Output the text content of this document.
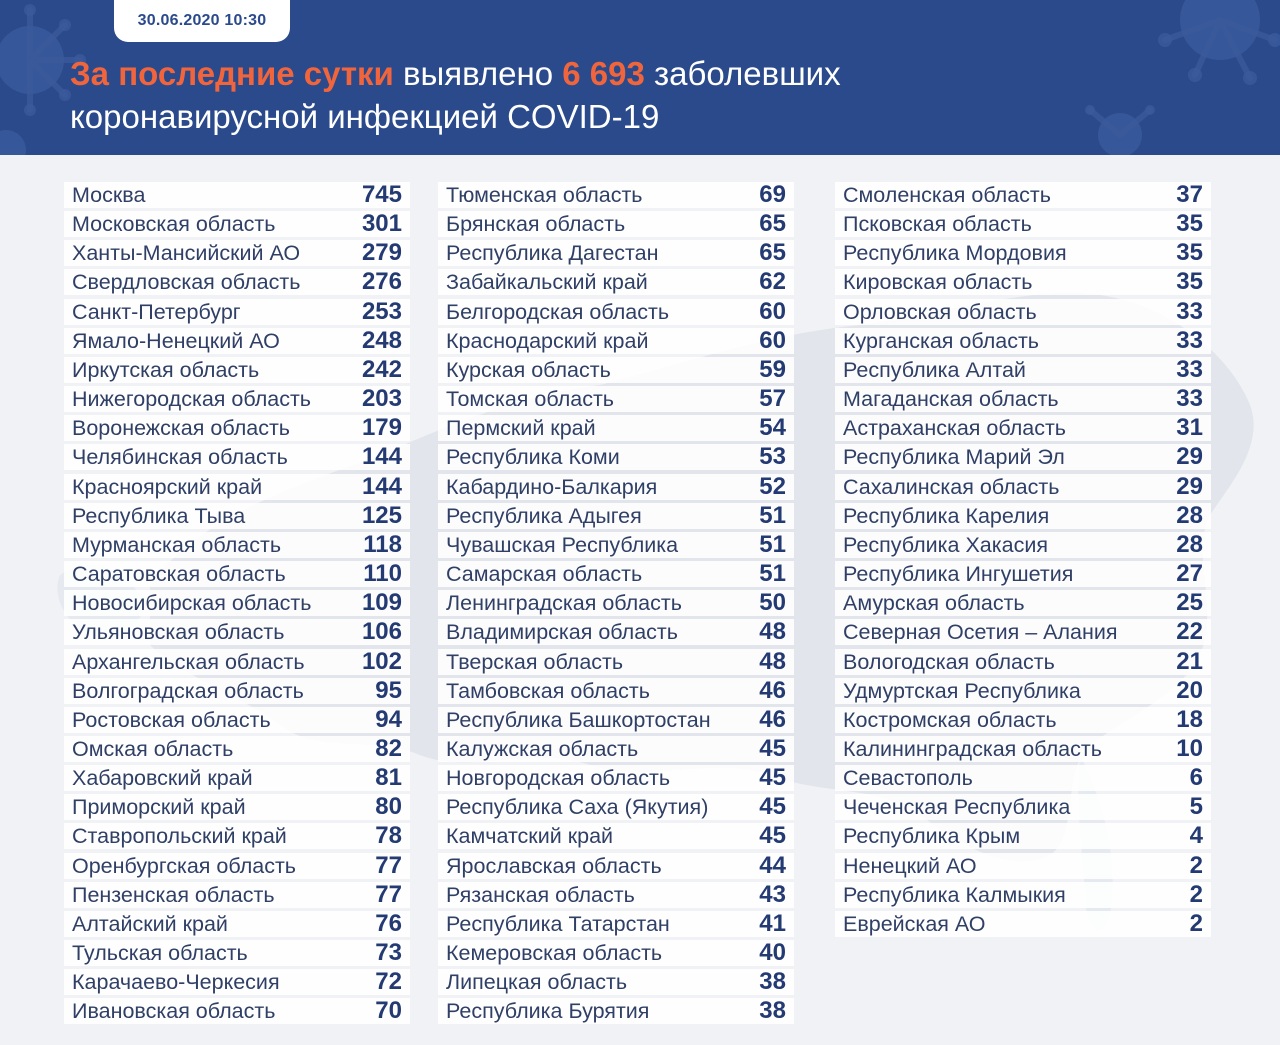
30.06.2020 10:30
За последние сутки выявлено 6 693 заболевших
коронавирусной инфекцией COVID-19
Москва	745
Московская область	301
Ханты-Мансийский АО	279
Свердловская область	276
Санкт-Петербург	253
Ямало-Ненецкий АО	248
Иркутская область	242
Нижегородская область 203
Воронежская область	179
Челябинская область	144
Красноярский край	144
Республика Тыва	125
Мурманская область	118
Саратовская область	110
Новосибирская область 109
Ульяновская область	106
Архангельская область 102
Волгоградская область	95
Ростовская область	94
Омская область	82
Хабаровский край	81
Приморский край	80
Ставропольский край	78
Оренбургская область	77
Пензенская область	77
Алтайский край	76
Тульская область	73
Карачаево-Черкесия	72
Ивановская область	70
Тюменская область	69
Брянская область	65
Республика Дагестан	65
Забайкальский край	62
Белгородская область	60
Краснодарский край	60
Курская область	59
Томская область	57
Пермский край	54
Республика Коми	53
Кабардино-Балкария	52
Республика Адыгея	51
Чувашская Республика	51
Самарская область	51
Ленинградская область	50
Владимирская область	48
Тверская область	48
Тамбовская область	46
Республика Башкортостан 46
Калужская область	45
Новгородская область	45
Республика Саха (Якутия) 45
Камчатский край	45
Ярославская область	44
Рязанская область	43
Республика Татарстан	41
Кемеровская область	40
Липецкая область	38
Республика Бурятия	38
Смоленская область	37
Псковская область	35
Республика Мордовия	35
Кировская область	35
Орловская область	33
Курганская область	33
Республика Алтай	33
Магаданская область	33
Астраханская область	31
Республика Марий Эл	29
Сахалинская область	29
Республика Карелия	28
Республика Хакасия	28
Республика Ингушетия	27
Амурская область	25
Северная Осетия – Алания 22
Вологодская область	21
Удмуртская Республика	20
Костромская область	18
Калининградская область	10
Севастополь	6
Чеченская Республика	5
Республика Крым	4
Ненецкий АО	2
Республика Калмыкия	2
Еврейская АО	2
